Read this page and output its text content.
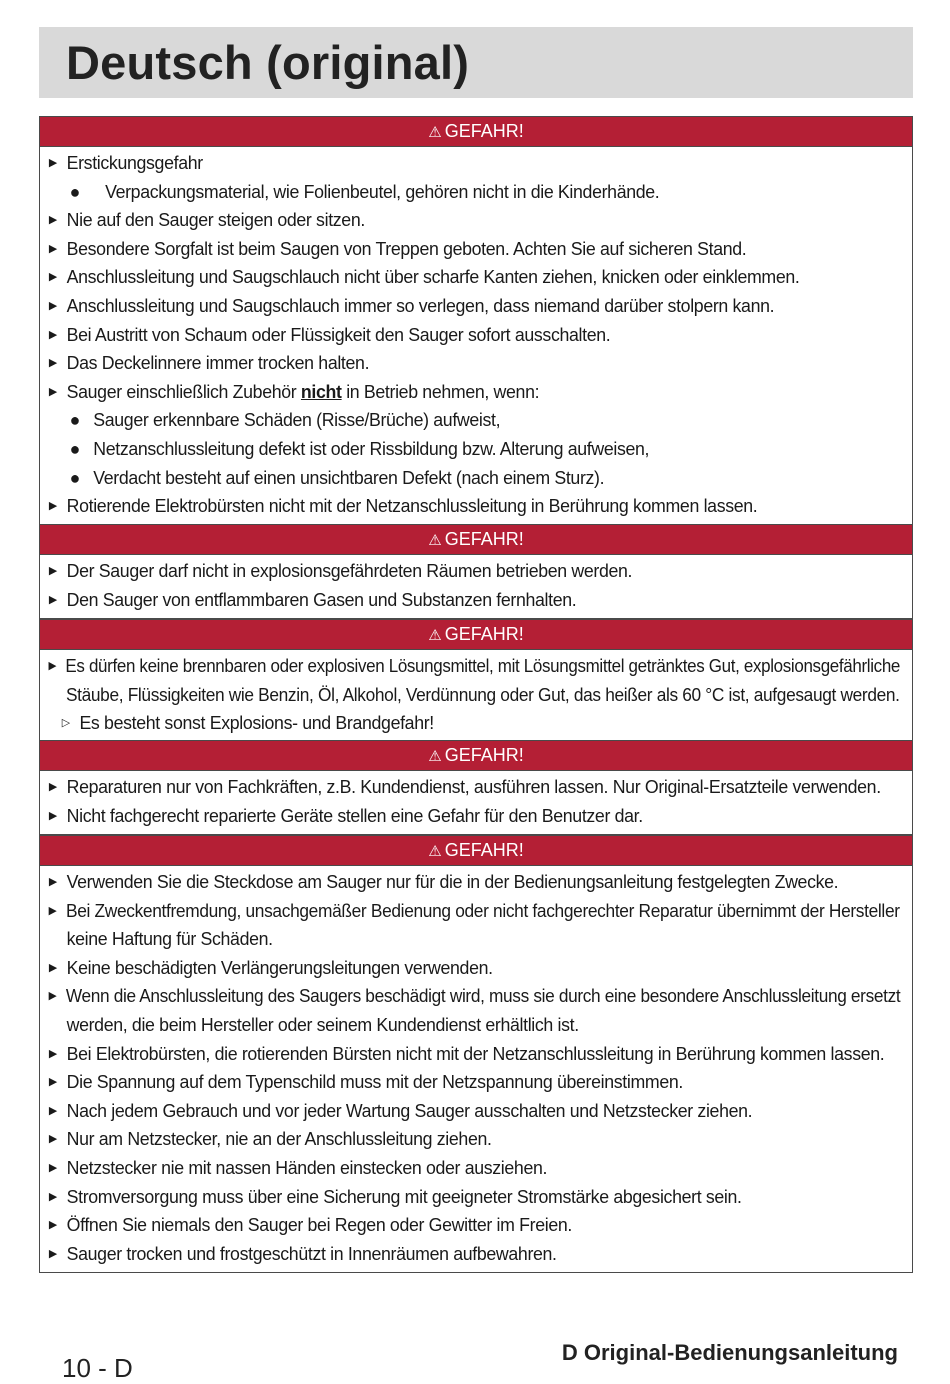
Deutsch (original)
⚠ GEFAHR!
▶ Erstickungsgefahr
● Verpackungsmaterial, wie Folienbeutel, gehören nicht in die Kinderhände.
▶ Nie auf den Sauger steigen oder sitzen.
▶ Besondere Sorgfalt ist beim Saugen von Treppen geboten. Achten Sie auf sicheren Stand.
▶ Anschlussleitung und Saugschlauch nicht über scharfe Kanten ziehen, knicken oder einklemmen.
▶ Anschlussleitung und Saugschlauch immer so verlegen, dass niemand darüber stolpern kann.
▶ Bei Austritt von Schaum oder Flüssigkeit den Sauger sofort ausschalten.
▶ Das Deckelinnere immer trocken halten.
▶ Sauger einschließlich Zubehör nicht in Betrieb nehmen, wenn:
● Sauger erkennbare Schäden (Risse/Brüche) aufweist,
● Netzanschlussleitung defekt ist oder Rissbildung bzw. Alterung aufweisen,
● Verdacht besteht auf einen unsichtbaren Defekt (nach einem Sturz).
▶ Rotierende Elektrobürsten nicht mit der Netzanschlussleitung in Berührung kommen lassen.
⚠ GEFAHR!
▶ Der Sauger darf nicht in explosionsgefährdeten Räumen betrieben werden.
▶ Den Sauger von entflammbaren Gasen und Substanzen fernhalten.
⚠ GEFAHR!
▶ Es dürfen keine brennbaren oder explosiven Lösungsmittel, mit Lösungsmittel getränktes Gut, explosionsgefährliche
Stäube, Flüssigkeiten wie Benzin, Öl, Alkohol, Verdünnung oder Gut, das heißer als 60 °C ist, aufgesaugt werden.
▷ Es besteht sonst Explosions- und Brandgefahr!
⚠ GEFAHR!
▶ Reparaturen nur von Fachkräften, z.B. Kundendienst, ausführen lassen. Nur Original-Ersatzteile verwenden.
▶ Nicht fachgerecht reparierte Geräte stellen eine Gefahr für den Benutzer dar.
⚠ GEFAHR!
▶ Verwenden Sie die Steckdose am Sauger nur für die in der Bedienungsanleitung festgelegten Zwecke.
▶ Bei Zweckentfremdung, unsachgemäßer Bedienung oder nicht fachgerechter Reparatur übernimmt der Hersteller
keine Haftung für Schäden.
▶ Keine beschädigten Verlängerungsleitungen verwenden.
▶ Wenn die Anschlussleitung des Saugers beschädigt wird, muss sie durch eine besondere Anschlussleitung ersetzt
werden, die beim Hersteller oder seinem Kundendienst erhältlich ist.
▶ Bei Elektrobürsten, die rotierenden Bürsten nicht mit der Netzanschlussleitung in Berührung kommen lassen.
▶ Die Spannung auf dem Typenschild muss mit der Netzspannung übereinstimmen.
▶ Nach jedem Gebrauch und vor jeder Wartung Sauger ausschalten und Netzstecker ziehen.
▶ Nur am Netzstecker, nie an der Anschlussleitung ziehen.
▶ Netzstecker nie mit nassen Händen einstecken oder ausziehen.
▶ Stromversorgung muss über eine Sicherung mit geeigneter Stromstärke abgesichert sein.
▶ Öffnen Sie niemals den Sauger bei Regen oder Gewitter im Freien.
▶ Sauger trocken und frostgeschützt in Innenräumen aufbewahren.
D Original-Bedienungsanleitung
10 - D
